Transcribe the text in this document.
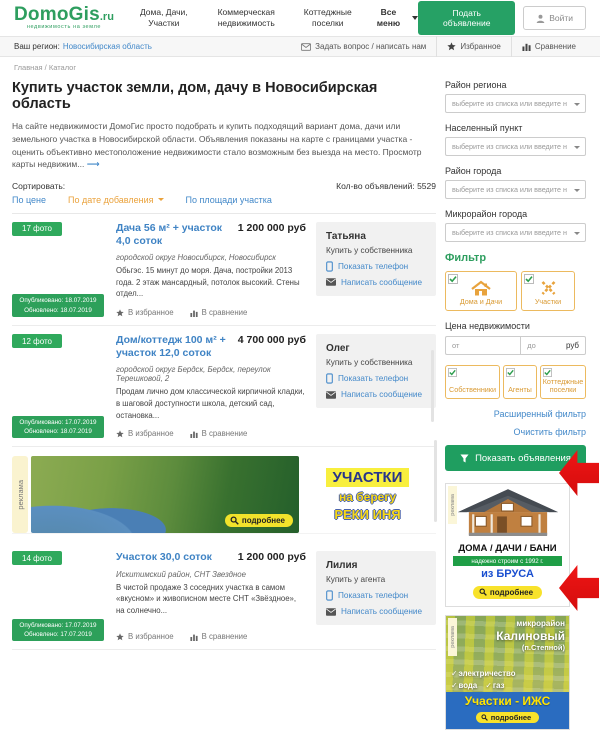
DomoGis.ru
недвижимость на земле
Дома, Дачи, Участки
Коммерческая недвижимость
Коттеджные поселки
Все меню
Подать объявление	Войти
Ваш регион: Новосибирская область	Задать вопрос / написать нам	Избранное	Сравнение
Главная / Каталог
Купить участок земли, дом, дачу в Новосибирская область

На сайте недвижимости ДомоГис просто подобрать и купить подходящий вариант дома, дачи или земельного участка в Новосибирской области. Объявления показаны на карте с границами участка - оценить объективно местоположение недвижимости стало возможным без выезда на место. Просмотр карты недвижим... ⟶

Сортировать:	Кол-во объявлений: 5529
По цене По дате добавления	По площади участка
17 фото
Опубликовано: 18.07.2019
Обновлено: 18.07.2019
Дача 56 м² + участок 4,0 соток
1 200 000 руб
городской округ Новосибирск, Новосибирск
Обьгэс. 15 минут до моря. Дача, постройки 2013 года. 2 этаж мансардный, потолок высокий. Стены отдел...
В избранное	В сравнение
Татьяна
Купить у собственника
Показать телефон
Написать сообщение
12 фото
Опубликовано: 17.07.2019
Обновлено: 18.07.2019
Дом/коттедж 100 м² + участок 12,0 соток
4 700 000 руб
городской округ Бердск, Бердск, переулок Терешковой, 2
Продам лично дом классической кирпичной кладки, в шаговой доступности школа, детский сад, остановка...
В избранное	В сравнение
Олег
Купить у собственника
Показать телефон
Написать сообщение
реклама
подробнее
УЧАСТКИ
на берегу
РЕКИ ИНЯ
14 фото
Опубликовано: 17.07.2019
Обновлено: 17.07.2019
Участок 30,0 соток	1 200 000 руб
Искитимский район, СНТ Звездное
В чистой продаже 3 соседних участка в самом «вкусном» и живописном месте СНТ «Звёздное», на солнечно...
В избранное	В сравнение
Лилия
Купить у агента
Показать телефон
Написать сообщение
Район региона
выберите из списка или введите н
Населенный пункт
выберите из списка или введите н
Район города
выберите из списка или введите н
Микрорайон города
выберите из списка или введите н
Фильтр
Дома и Дачи	Участки
Цена недвижимости
от
до
руб
Собственники Агенты
Коттеджные поселки
Расширенный фильтр
Очистить фильтр
Показать объявления
реклама
ДОМА / ДАЧИ / БАНИ
надежно строим с 1992 г.
из БРУСА
подробнее
реклама
микрорайон
Калиновый
(п.Степной)
✓ электричество
✓ вода ✓ газ
Участки - ИЖС
подробнее
